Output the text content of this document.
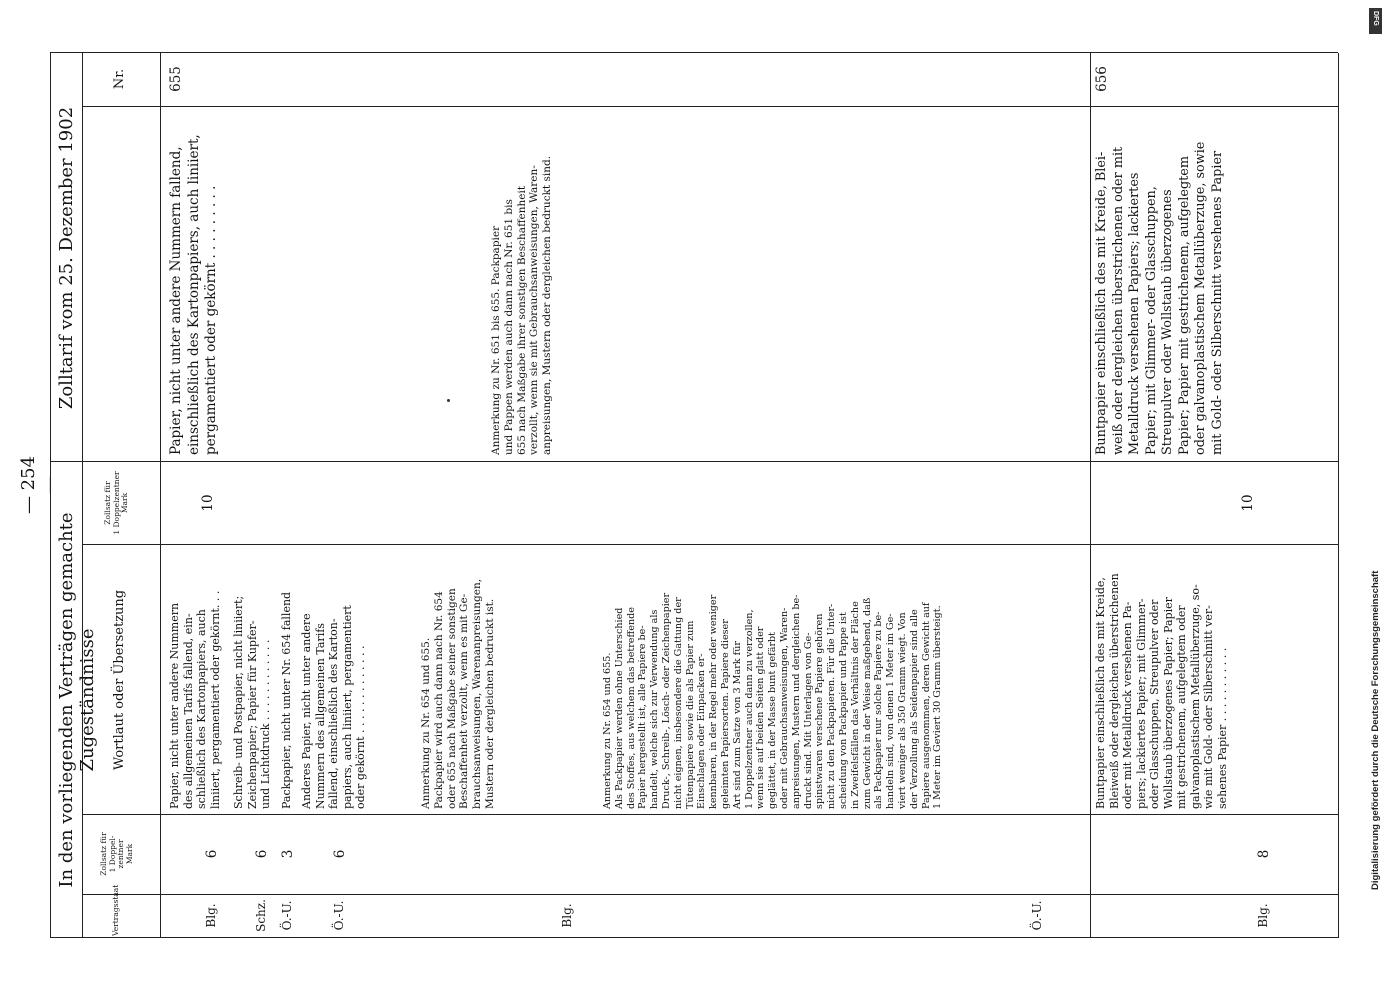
— 254 —
Zolltarif vom 25. Dezember 1902
In den vorliegenden Verträgen gemachte Zugeständnisse
Nr.
Zollsatz für
1 Doppelzentner
Mark
Wortlaut oder Übersetzung
Zollsatz für
1 Doppel-
zentner
Mark
Vertragsstaat
655
Papier, nicht unter andere Nummern fallend,
einschließlich des Kartonpapiers, auch liniiert,
pergamentiert oder gekörnt . . . . . . . . .
10
Anmerkung zu Nr. 651 bis 655. Packpapier
und Pappen werden auch dann nach Nr. 651 bis
655 nach Maßgabe ihrer sonstigen Beschaffenheit
verzollt, wenn sie mit Gebrauchsanweisungen, Waren-
anpreisungen, Mustern oder dergleichen bedruckt sind.
Papier, nicht unter andere Nummern
des allgemeinen Tarifs fallend, ein-
schließlich des Kartonpapiers, auch
liniiert, pergamentiert oder gekörnt. . .
6
Blg.
Schreib- und Postpapier, nicht liniiert;
Zeichenpapier; Papier für Kupfer-
und Lichtdruck . . . . . . . . . . . .
6
Schz.
Packpapier, nicht unter Nr. 654 fallend
3
Ö.-U.
Anderes Papier, nicht unter andere
Nummern des allgemeinen Tarifs
fallend, einschließlich des Karton-
papiers, auch liniiert, pergamentiert
oder gekörnt . . . . . . . . . . . . .
6
Ö.-U.
Anmerkung zu Nr. 654 und 655.
Packpapier wird auch dann nach Nr. 654
oder 655 nach Maßgabe seiner sonstigen
Beschaffenheit verzollt, wenn es mit Ge-
brauchsanweisungen, Warenanpreisungen,
Mustern oder dergleichen bedruckt ist.
Blg.
Anmerkung zu Nr. 654 und 655.
Als Packpapier werden ohne Unterschied
des Stoffes, aus welchem das betreffende
Papier hergestellt ist, alle Papiere be-
handelt, welche sich zur Verwendung als
Druck-, Schreib-, Lösch- oder Zeichenpapier
nicht eignen, insbesondere die Gattung der
Tütenpapiere sowie die als Papier zum
Einschlagen oder Einpacken er-
kennbaren, in der Regel mehr oder weniger
geleimten Papiersorten. Papiere dieser
Art sind zum Satze von 3 Mark für
1 Doppelzentner auch dann zu verzollen,
wenn sie auf beiden Seiten glatt oder
geglättet, in der Masse bunt gefärbt
oder mit Gebrauchsanweisungen, Waren-
anpreisungen, Mustern und dergleichen be-
druckt sind. Mit Unterlagen von Ge-
spinstwaren verschene Papiere gehören
nicht zu den Packpapieren. Für die Unter-
scheidung von Packpapier und Pappe ist
in Zweifelsfällen das Verhältnis der Fläche
zum Gewicht in der Weise maßgebend, daß
als Packpapier nur solche Papiere zu be-
handeln sind, von denen 1 Meter im Ge-
viert weniger als 350 Gramm wiegt. Von
der Verzollung als Seidenpapier sind alle
Papiere ausgenommen, deren Gewicht auf
1 Meter im Geviert 30 Gramm übersteigt.
Ö.-U.
656
Buntpapier einschließlich des mit Kreide, Blei-
weiß oder dergleichen überstrichenen oder mit
Metalldruck versehenen Papiers; lackiertes
Papier; mit Glimmer- oder Glasschuppen,
Streupulver oder Wollstaub überzogenes
Papier; Papier mit gestrichenem, aufgelegtem
oder galvanoplastischem Metallüberzuge, sowie
mit Gold- oder Silberschnitt versehenes Papier
10
Buntpapier einschließlich des mit Kreide,
Bleiweiß oder dergleichen überstrichenen
oder mit Metalldruck versehenen Pa-
piers; lackiertes Papier; mit Glimmer-
oder Glasschuppen, Streupulver oder
Wollstaub überzogenes Papier; Papier
mit gestrichenem, aufgelegtem oder
galvanoplastischem Metallüberzuge, so-
wie mit Gold- oder Silberschnitt ver-
sehenes Papier . . . . . . . . . . .
8
Blg.
Digitalisierung gefördert durch die Deutsche Forschungsgemeinschaft
DFG
